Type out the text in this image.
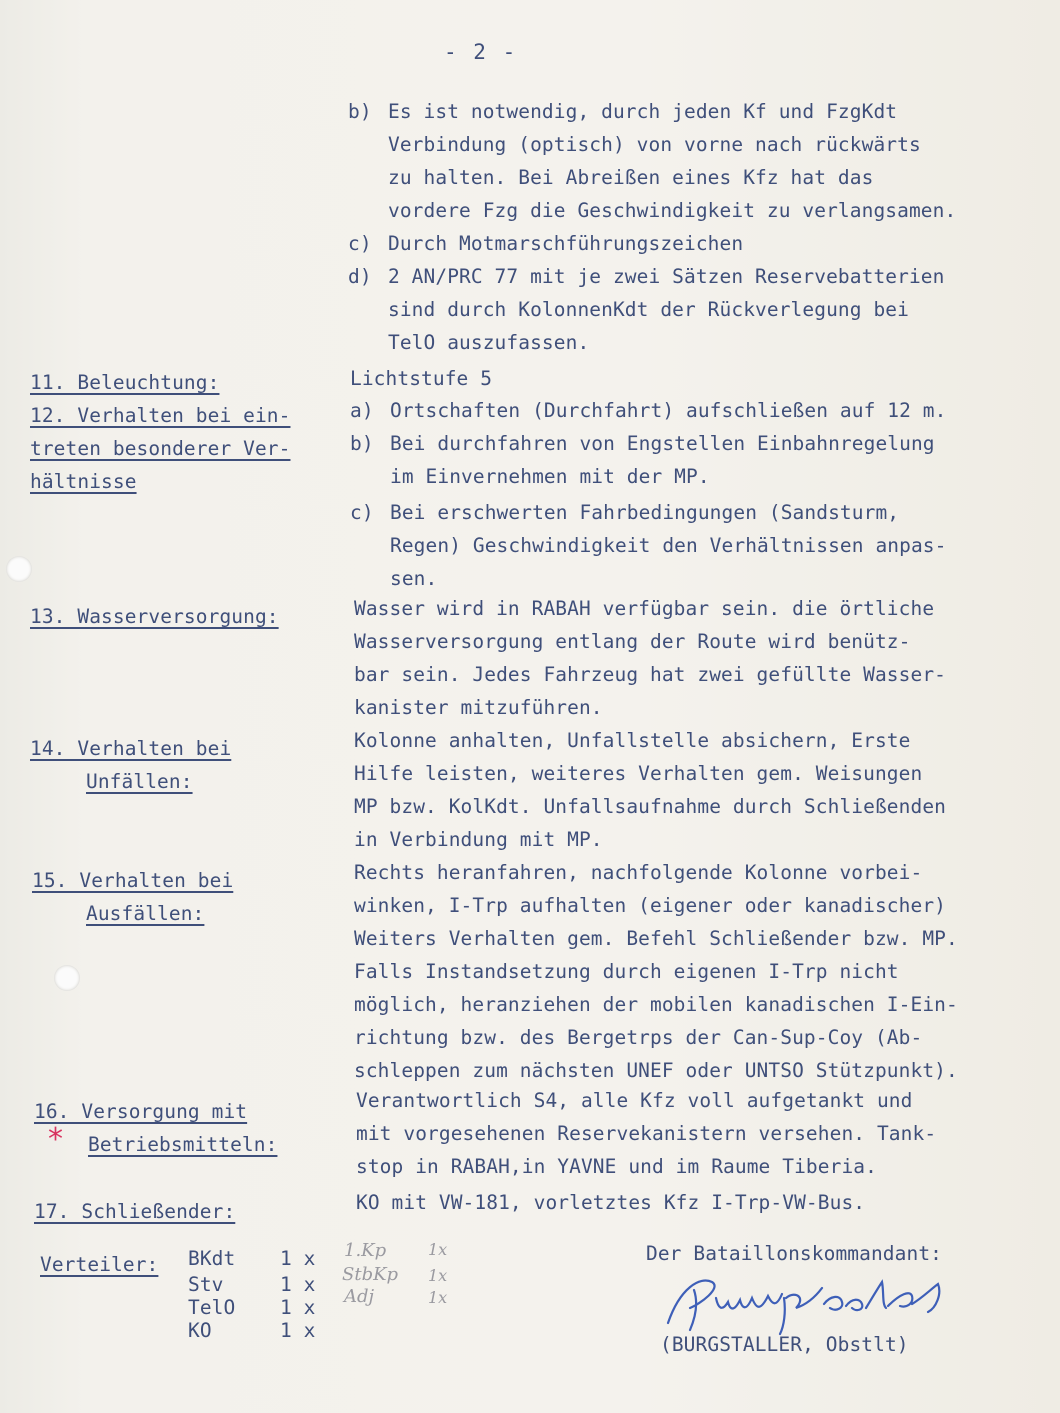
- 2 -
b) Es ist notwendig, durch jeden Kf und FzgKdt
Verbindung (optisch) von vorne nach rückwärts
zu halten. Bei Abreißen eines Kfz hat das
vordere Fzg die Geschwindigkeit zu verlangsamen.
c) Durch Motmarschführungszeichen
d) 2 AN/PRC 77 mit je zwei Sätzen Reservebatterien
sind durch KolonnenKdt der Rückverlegung bei
TelO auszufassen.
11. Beleuchtung:	Lichtstufe 5
12. Verhalten bei ein-
treten besonderer Ver-
hältnisse
a) Ortschaften (Durchfahrt) aufschließen auf 12 m.
b) Bei durchfahren von Engstellen Einbahnregelung
im Einvernehmen mit der MP.
c) Bei erschwerten Fahrbedingungen (Sandsturm,
Regen) Geschwindigkeit den Verhältnissen anpas-
sen.
13. Wasserversorgung:	Wasser wird in RABAH verfügbar sein. die örtliche
Wasserversorgung entlang der Route wird benütz-
bar sein. Jedes Fahrzeug hat zwei gefüllte Wasser-
kanister mitzuführen.
14. Verhalten bei
Unfällen:
Kolonne anhalten, Unfallstelle absichern, Erste
Hilfe leisten, weiteres Verhalten gem. Weisungen
MP bzw. KolKdt. Unfallsaufnahme durch Schließenden
in Verbindung mit MP.
15. Verhalten bei
Ausfällen:
Rechts heranfahren, nachfolgende Kolonne vorbei-
winken, I-Trp aufhalten (eigener oder kanadischer)
Weiters Verhalten gem. Befehl Schließender bzw. MP.
Falls Instandsetzung durch eigenen I-Trp nicht
möglich, heranziehen der mobilen kanadischen I-Ein-
richtung bzw. des Bergetrps der Can-Sup-Coy (Ab-
schleppen zum nächsten UNEF oder UNTSO Stützpunkt).
16. Versorgung mit
* Betriebsmitteln:
Verantwortlich S4, alle Kfz voll aufgetankt und
mit vorgesehenen Reservekanistern versehen. Tank-
stop in RABAH,in YAVNE und im Raume Tiberia.
17. Schließender:	KO mit VW-181, vorletztes Kfz I-Trp-VW-Bus.
Verteiler: BKdt 1 x
Stv	1 x
TelO 1 x
KO	1 x
1.Kp	1x
StbKp 1x
Adj	1x
Der Bataillonskommandant:
(BURGSTALLER, Obstlt)
